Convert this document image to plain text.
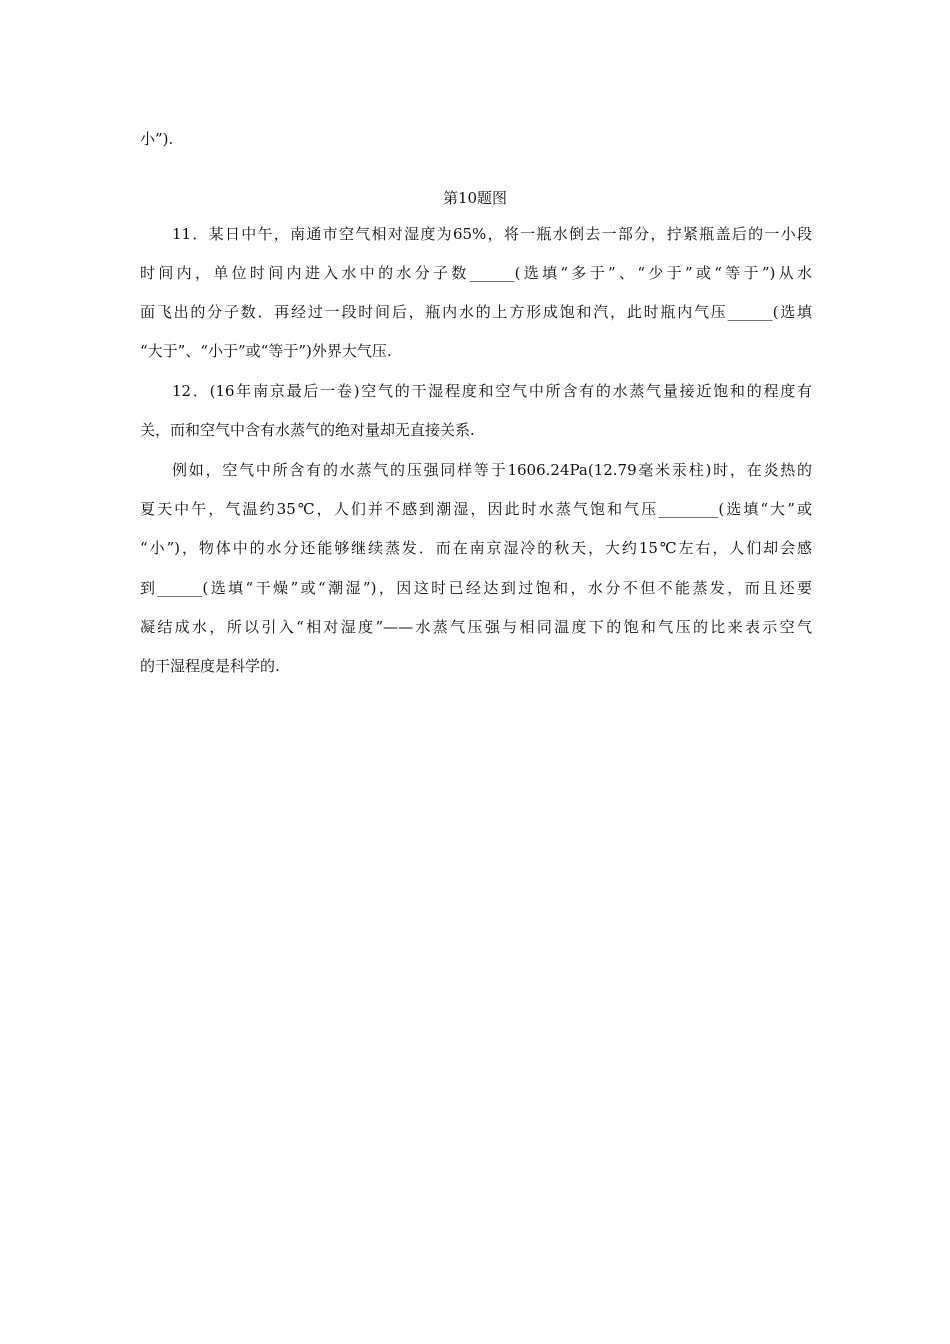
小”).
第10题图
11．某日中午，南通市空气相对湿度为65%，将一瓶水倒去一部分，拧紧瓶盖后的一小段
时间内，单位时间内进入水中的水分子数______(选填“多于”、“少于”或“等于”)从水
面飞出的分子数．再经过一段时间后，瓶内水的上方形成饱和汽，此时瓶内气压______(选填
“大于”、“小于”或“等于”)外界大气压.
12．(16年南京最后一卷)空气的干湿程度和空气中所含有的水蒸气量接近饱和的程度有
关，而和空气中含有水蒸气的绝对量却无直接关系.
例如，空气中所含有的水蒸气的压强同样等于1606.24Pa(12.79毫米汞柱)时，在炎热的
夏天中午，气温约35℃，人们并不感到潮湿，因此时水蒸气饱和气压________(选填“大”或
“小”)，物体中的水分还能够继续蒸发．而在南京湿冷的秋天，大约15℃左右，人们却会感
到______(选填“干燥”或“潮湿”)，因这时已经达到过饱和，水分不但不能蒸发，而且还要
凝结成水，所以引入“相对湿度”——水蒸气压强与相同温度下的饱和气压的比来表示空气
的干湿程度是科学的.
